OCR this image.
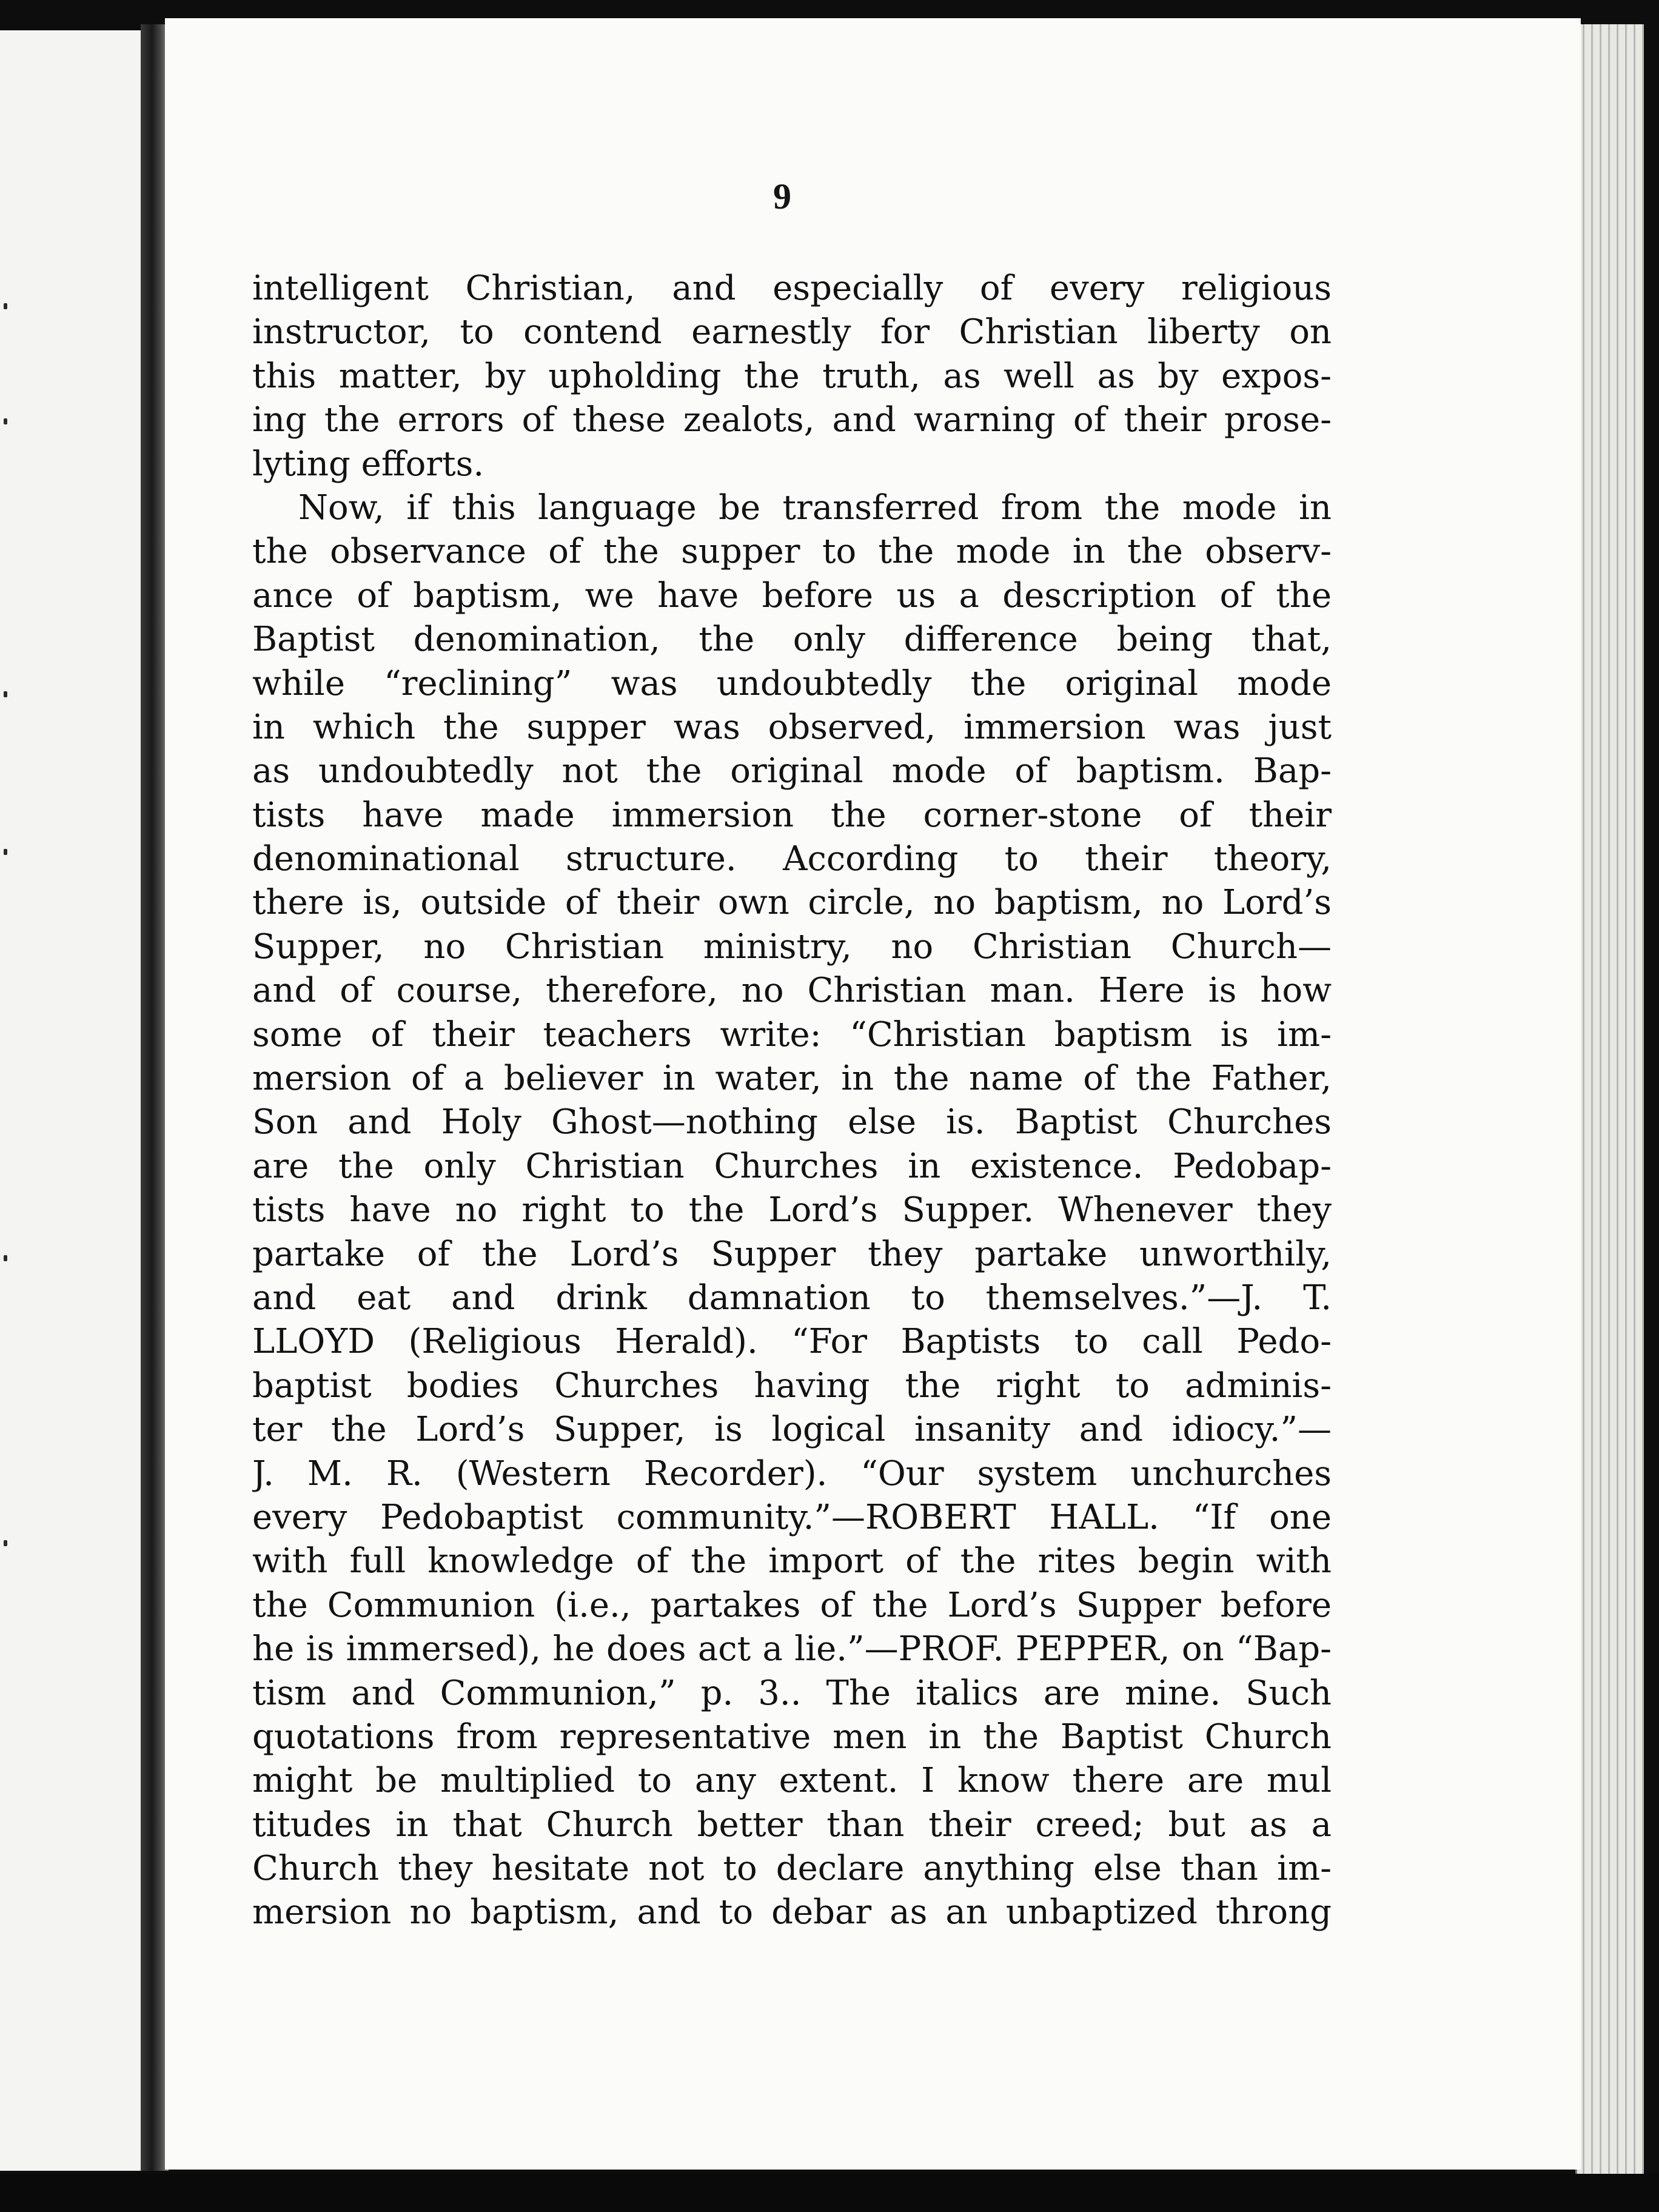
9

intelligent Christian, and especially of every religious
instructor, to contend earnestly for Christian liberty on
this matter, by upholding the truth, as well as by expos-
ing the errors of these zealots, and warning of their prose-
lyting efforts.
Now, if this language be transferred from the mode in
the observance of the supper to the mode in the observ-
ance of baptism, we have before us a description of the
Baptist denomination, the only difference being that,
while “reclining” was undoubtedly the original mode
in which the supper was observed, immersion was just
as undoubtedly not the original mode of baptism. Bap-
tists have made immersion the corner-stone of their
denominational structure. According to their theory,
there is, outside of their own circle, no baptism, no Lord’s
Supper, no Christian ministry, no Christian Church—
and of course, therefore, no Christian man. Here is how
some of their teachers write: “Christian baptism is im-
mersion of a believer in water, in the name of the Father,
Son and Holy Ghost—nothing else is. Baptist Churches
are the only Christian Churches in existence. Pedobap-
tists have no right to the Lord’s Supper. Whenever they
partake of the Lord’s Supper they partake unworthily,
and eat and drink damnation to themselves.”—J. T.
LLOYD (Religious Herald). “For Baptists to call Pedo-
baptist bodies Churches having the right to adminis-
ter the Lord’s Supper, is logical insanity and idiocy.”—
J. M. R. (Western Recorder). “Our system unchurches
every Pedobaptist community.”—ROBERT HALL. “If one
with full knowledge of the import of the rites begin with
the Communion (i.e., partakes of the Lord’s Supper before
he is immersed), he does act a lie.”—PROF. PEPPER, on “Bap-
tism and Communion,” p. 3.. The italics are mine. Such
quotations from representative men in the Baptist Church
might be multiplied to any extent. I know there are mul
titudes in that Church better than their creed; but as a
Church they hesitate not to declare anything else than im-
mersion no baptism, and to debar as an unbaptized throng
